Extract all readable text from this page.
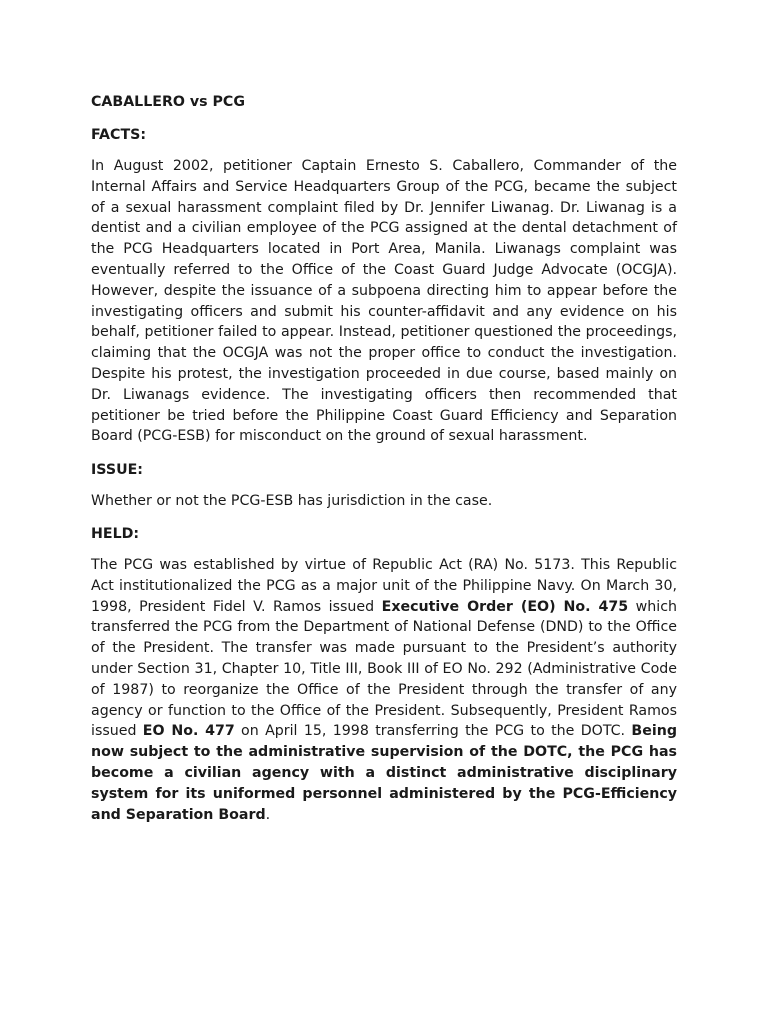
CABALLERO vs PCG
FACTS:

In August 2002, petitioner Captain Ernesto S. Caballero, Commander of the Internal Affairs and Service Headquarters Group of the PCG, became the subject of a sexual harassment complaint filed by Dr. Jennifer Liwanag. Dr. Liwanag is a dentist and a civilian employee of the PCG assigned at the dental detachment of the PCG Headquarters located in Port Area, Manila. Liwanags complaint was eventually referred to the Office of the Coast Guard Judge Advocate (OCGJA). However, despite the issuance of a subpoena directing him to appear before the investigating officers and submit his counter-affidavit and any evidence on his behalf, petitioner failed to appear. Instead, petitioner questioned the proceedings, claiming that the OCGJA was not the proper office to conduct the investigation. Despite his protest, the investigation proceeded in due course, based mainly on Dr. Liwanags evidence. The investigating officers then recommended that petitioner be tried before the Philippine Coast Guard Efficiency and Separation Board (PCG-ESB) for misconduct on the ground of sexual harassment.

ISSUE:

Whether or not the PCG-ESB has jurisdiction in the case.

HELD:

The PCG was established by virtue of Republic Act (RA) No. 5173. This Republic Act institutionalized the PCG as a major unit of the Philippine Navy. On March 30, 1998, President Fidel V. Ramos issued Executive Order (EO) No. 475 which transferred the PCG from the Department of National Defense (DND) to the Office of the President. The transfer was made pursuant to the President’s authority under Section 31, Chapter 10, Title III, Book III of EO No. 292 (Administrative Code of 1987) to reorganize the Office of the President through the transfer of any agency or function to the Office of the President. Subsequently, President Ramos issued EO No. 477 on April 15, 1998 transferring the PCG to the DOTC. Being now subject to the administrative supervision of the DOTC, the PCG has become a civilian agency with a distinct administrative disciplinary system for its uniformed personnel administered by the PCG-Efficiency and Separation Board.
